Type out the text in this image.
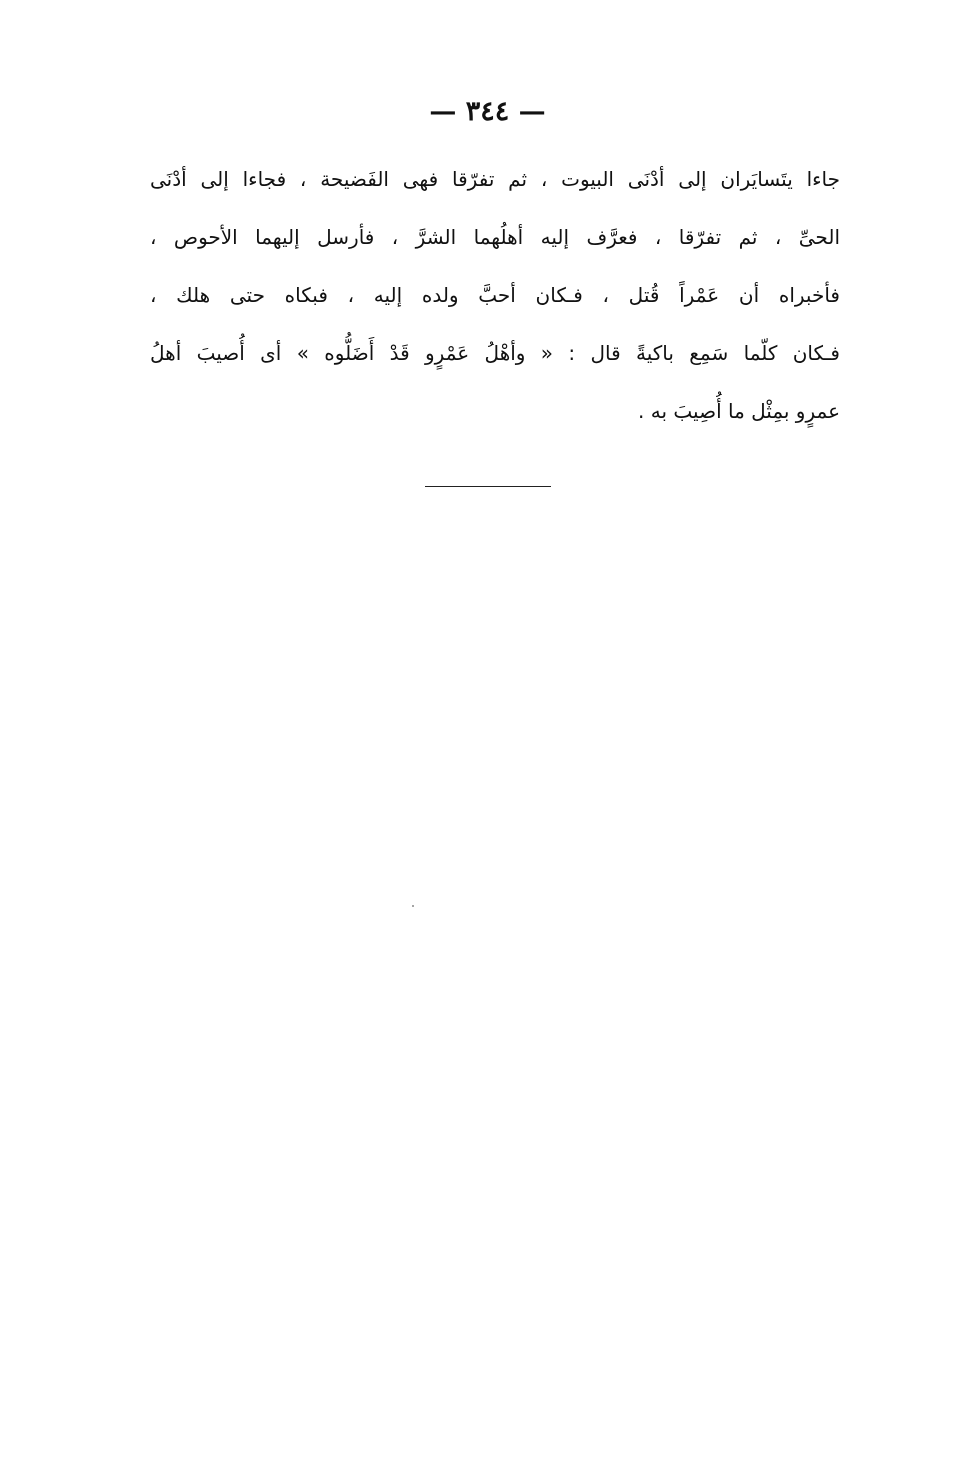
— ٣٤٤ —
جاءا يتَسايَران إلى أدْنَى البيوت ، ثم تفرّقا فهى الفَضيحة ، فجاءا إلى أدْنَى
الحىِّ ، ثم تفرّقا ، فعرَّف إليه أهلُهما الشرَّ ، فأرسل إليهما الأحوص ،
فأخبراه أن عَمْراً قُتل ، فـكان أحبَّ ولده إليه ، فبكاه حتى هلك ،
فـكان كلّما سَمِع باكيةً قال : « وأهْلُ عَمْرٍو قَدْ أَضَلُّوه » أى أُصيبَ أهلُ
عمرٍو بمِثْل ما أُصِيبَ به .
